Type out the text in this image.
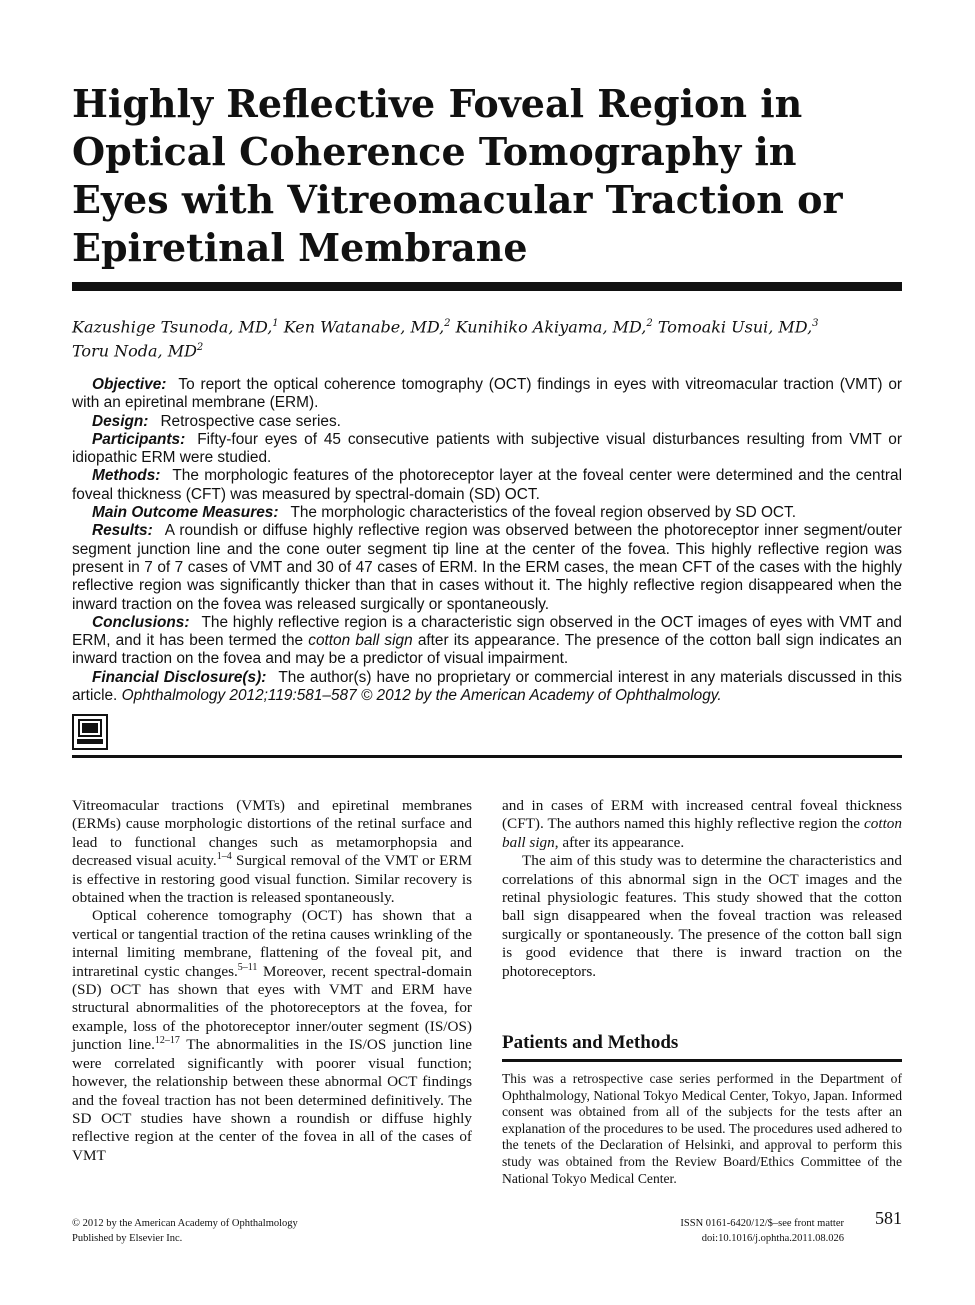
Highly Reflective Foveal Region in Optical Coherence Tomography in Eyes with Vitreomacular Traction or Epiretinal Membrane

Kazushige Tsunoda, MD,$^1$ Ken Watanabe, MD,$^2$ Kunihiko Akiyama, MD,$^2$ Tomoaki Usui, MD,$^3$
Toru Noda, $MD^2$

Objective: To report the optical coherence tomography (OCT) findings in eyes with vitreomacular traction (VMT) or with an epiretinal membrane (ERM).

Design: Retrospective case series.

Participants: Fifty-four eyes of 45 consecutive patients with subjective visual disturbances resulting from VMT or idiopathic ERM were studied.

Methods: The morphologic features of the photoreceptor layer at the foveal center were determined and the central foveal thickness (CFT) was measured by spectral-domain (SD) OCT.

Main Outcome Measures: The morphologic characteristics of the foveal region observed by SD OCT.

Results: A roundish or diffuse highly reflective region was observed between the photoreceptor inner segment/outer segment junction line and the cone outer segment tip line at the center of the fovea. This highly reflective region was present in 7 of 7 cases of VMT and 30 of 47 cases of ERM. In the ERM cases, the mean CFT of the cases with the highly reflective region was significantly thicker than that in cases without it. The highly reflective region disappeared when the inward traction on the fovea was released surgically or spontaneously.

Conclusions: The highly reflective region is a characteristic sign observed in the OCT images of eyes with VMT and ERM, and it has been termed the cotton ball sign after its appearance. The presence of the cotton ball sign indicates an inward traction on the fovea and may be a predictor of visual impairment.

Financial Disclosure(s): The author(s) have no proprietary or commercial interest in any materials discussed in this article. Ophthalmology 2012;119:581–587 © 2012 by the American Academy of Ophthalmology.

Vitreomacular tractions (VMTs) and epiretinal membranes (ERMs) cause morphologic distortions of the retinal surface and lead to functional changes such as metamorphopsia and decreased visual acuity.$^{1-4}$ Surgical removal of the VMT or ERM is effective in restoring good visual function. Similar recovery is obtained when the traction is released spontaneously.

Optical coherence tomography (OCT) has shown that a vertical or tangential traction of the retina causes wrinkling of the internal limiting membrane, flattening of the foveal pit, and intraretinal cystic changes.$^{5-11}$ Moreover, recent spectral-domain (SD) OCT has shown that eyes with VMT and ERM have structural abnormalities of the photoreceptors at the fovea, for example, loss of the photoreceptor inner/outer segment (IS/OS) junction line.$^{12-17}$ The abnormalities in the IS/OS junction line were correlated significantly with poorer visual function; however, the relationship between these abnormal OCT findings and the foveal traction has not been determined definitively. The SD OCT studies have shown a roundish or diffuse highly reflective region at the center of the fovea in all of the cases of VMT

and in cases of ERM with increased central foveal thickness (CFT). The authors named this highly reflective region the cotton ball sign, after its appearance.

The aim of this study was to determine the characteristics and correlations of this abnormal sign in the OCT images and the retinal physiologic features. This study showed that the cotton ball sign disappeared when the foveal traction was released surgically or spontaneously. The presence of the cotton ball sign is good evidence that there is inward traction on the photoreceptors.

Patients and Methods

This was a retrospective case series performed in the Department of Ophthalmology, National Tokyo Medical Center, Tokyo, Japan. Informed consent was obtained from all of the subjects for the tests after an explanation of the procedures to be used. The procedures used adhered to the tenets of the Declaration of Helsinki, and approval to perform this study was obtained from the Review Board/Ethics Committee of the National Tokyo Medical Center.

© 2012 by the American Academy of Ophthalmology
Published by Elsevier Inc.
ISSN 0161-6420/12/$–see front matter
doi:10.1016/j.ophtha.2011.08.026
581
